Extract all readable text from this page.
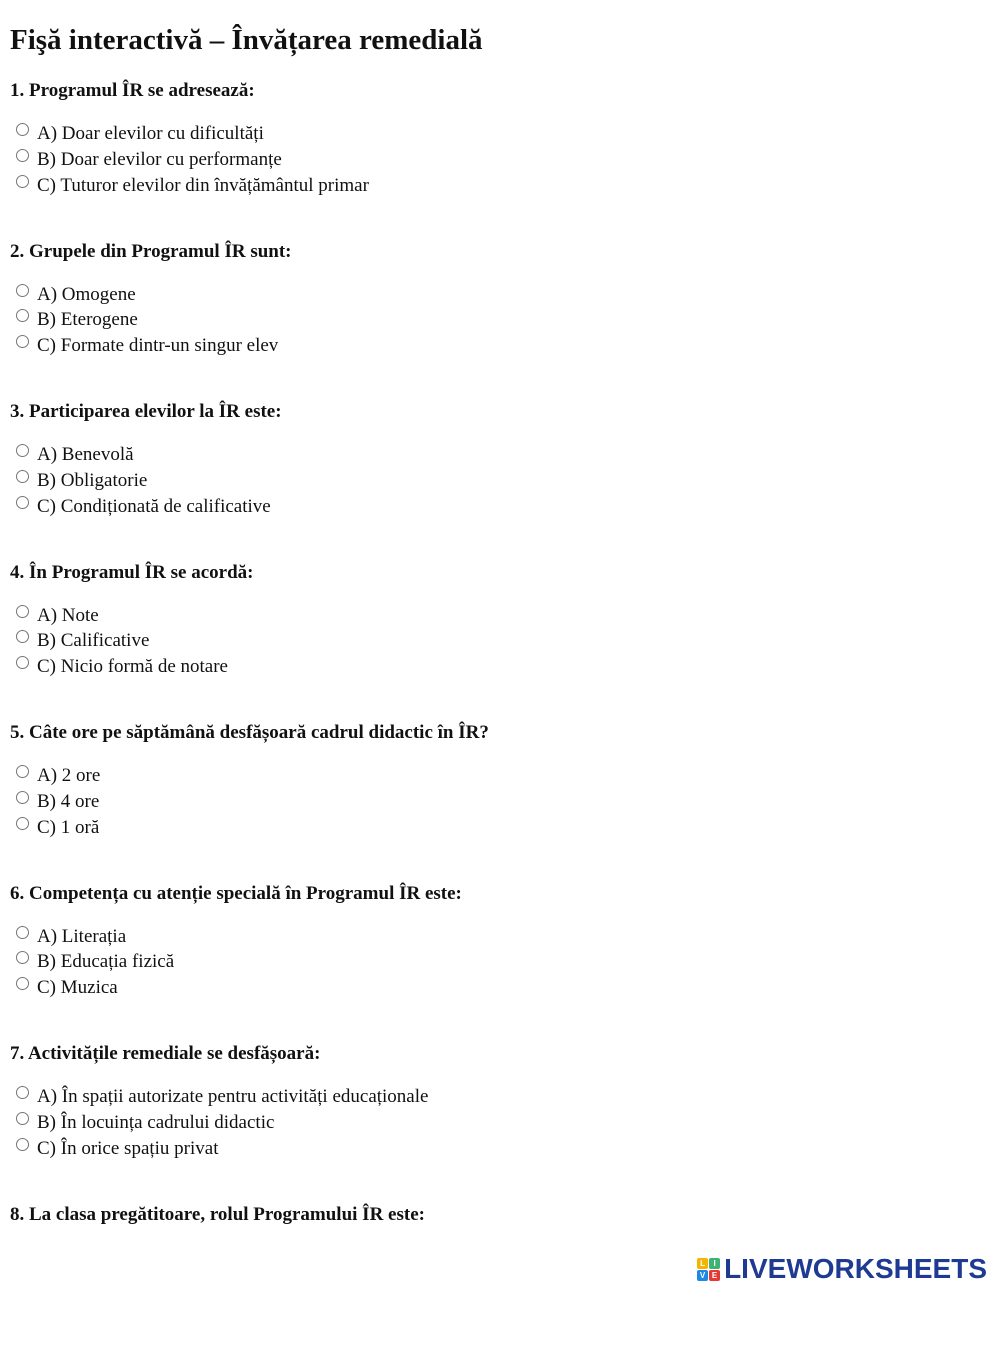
Fişă interactivă – Învățarea remedială

1. Programul ÎR se adresează:

A) Doar elevilor cu dificultăți
B) Doar elevilor cu performanțe
C) Tuturor elevilor din învățământul primar

2. Grupele din Programul ÎR sunt:

A) Omogene
B) Eterogene
C) Formate dintr-un singur elev

3. Participarea elevilor la ÎR este:

A) Benevolă
B) Obligatorie
C) Condiționată de calificative

4. În Programul ÎR se acordă:

A) Note
B) Calificative
C) Nicio formă de notare

5. Câte ore pe săptămână desfășoară cadrul didactic în ÎR?

A) 2 ore
B) 4 ore
C) 1 oră

6. Competența cu atenție specială în Programul ÎR este:

A) Literația
B) Educația fizică
C) Muzica

7. Activitățile remediale se desfășoară:

A) În spații autorizate pentru activități educaționale
B) În locuința cadrului didactic
C) În orice spațiu privat

8. La clasa pregătitoare, rolul Programului ÎR este:

L	I
V E LIVEWORKSHEETS
